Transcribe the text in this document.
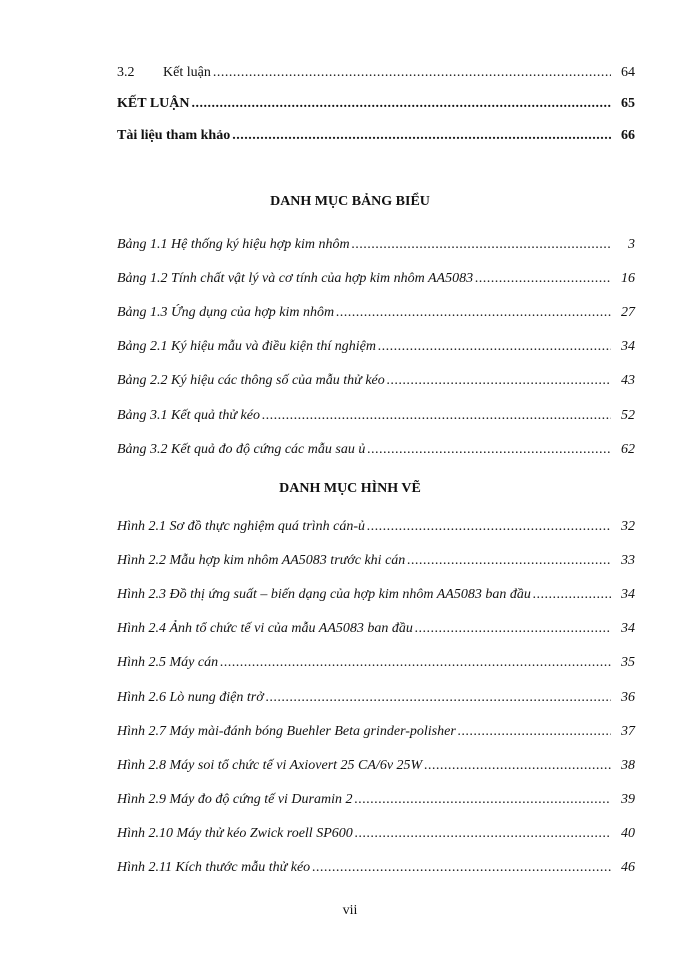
3.2 Kết luận .....	64
KẾT LUẬN .....	65
Tài liệu tham khảo .....	66
DANH MỤC BẢNG BIỂU
Bảng 1.1 Hệ thống ký hiệu hợp kim nhôm .....	3
Bảng 1.2 Tính chất vật lý và cơ tính của hợp kim nhôm AA5083 .....	16
Bảng 1.3 Ứng dụng của hợp kim nhôm .....	27
Bảng 2.1 Ký hiệu mẫu và điều kiện thí nghiệm .....	34
Bảng 2.2 Ký hiệu các thông số của mẫu thử kéo .....	43
Bảng 3.1 Kết quả thử kéo .....	52
Bảng 3.2 Kết quả đo độ cứng các mẫu sau ủ .....	62
DANH MỤC HÌNH VẼ
Hình 2.1 Sơ đồ thực nghiệm quá trình cán-ủ .....	32
Hình 2.2 Mẫu hợp kim nhôm AA5083 trước khi cán .....	33
Hình 2.3 Đồ thị ứng suất – biến dạng của hợp kim nhôm AA5083 ban đầu .....	34
Hình 2.4 Ảnh tổ chức tế vi của mẫu AA5083 ban đầu .....	34
Hình 2.5 Máy cán .....	35
Hình 2.6 Lò nung điện trở .....	36
Hình 2.7 Máy mài-đánh bóng Buehler Beta grinder-polisher .....	37
Hình 2.8 Máy soi tổ chức tế vi Axiovert 25 CA/6v 25W .....	38
Hình 2.9 Máy đo độ cứng tế vi Duramin 2 .....	39
Hình 2.10 Máy thử kéo Zwick roell SP600 .....	40
Hình 2.11 Kích thước mẫu thử kéo .....	46
vii
